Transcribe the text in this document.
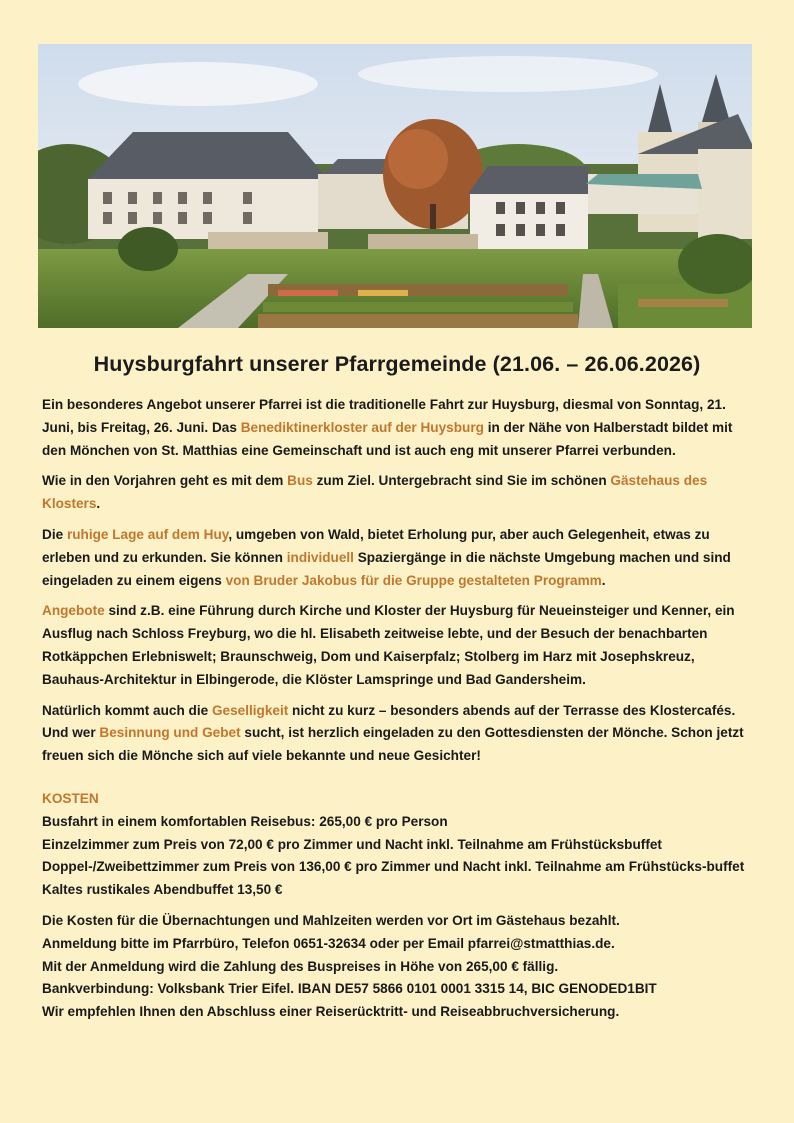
Huysburgfahrt unserer Pfarrgemeinde (21.06. – 26.06.2026)

Ein besonderes Angebot unserer Pfarrei ist die traditionelle Fahrt zur Huysburg, diesmal von Sonntag, 21. Juni, bis Freitag, 26. Juni. Das Benediktinerkloster auf der Huysburg in der Nähe von Halberstadt bildet mit den Mönchen von St. Matthias eine Gemeinschaft und ist auch eng mit unserer Pfarrei verbunden.

Wie in den Vorjahren geht es mit dem Bus zum Ziel. Untergebracht sind Sie im schönen Gästehaus des Klosters.

Die ruhige Lage auf dem Huy, umgeben von Wald, bietet Erholung pur, aber auch Gelegenheit, etwas zu erleben und zu erkunden. Sie können individuell Spaziergänge in die nächste Umgebung machen und sind eingeladen zu einem eigens von Bruder Jakobus für die Gruppe gestalteten Programm.

Angebote sind z.B. eine Führung durch Kirche und Kloster der Huysburg für Neueinsteiger und Kenner, ein Ausflug nach Schloss Freyburg, wo die hl. Elisabeth zeitweise lebte, und der Besuch der benachbarten Rotkäppchen Erlebniswelt; Braunschweig, Dom und Kaiserpfalz; Stolberg im Harz mit Josephskreuz, Bauhaus-Architektur in Elbingerode, die Klöster Lamspringe und Bad Gandersheim.

Natürlich kommt auch die Geselligkeit nicht zu kurz – besonders abends auf der Terrasse des Klostercafés. Und wer Besinnung und Gebet sucht, ist herzlich eingeladen zu den Gottesdiensten der Mönche. Schon jetzt freuen sich die Mönche sich auf viele bekannte und neue Gesichter!

KOSTEN
Busfahrt in einem komfortablen Reisebus: 265,00 € pro Person
Einzelzimmer zum Preis von 72,00 € pro Zimmer und Nacht inkl. Teilnahme am Frühstücksbuffet
Doppel-/Zweibettzimmer zum Preis von 136,00 € pro Zimmer und Nacht inkl. Teilnahme am Frühstücks-buffet
Kaltes rustikales Abendbuffet 13,50 €
Die Kosten für die Übernachtungen und Mahlzeiten werden vor Ort im Gästehaus bezahlt.
Anmeldung bitte im Pfarrbüro, Telefon 0651-32634 oder per Email pfarrei@stmatthias.de.
Mit der Anmeldung wird die Zahlung des Buspreises in Höhe von 265,00 € fällig.
Bankverbindung: Volksbank Trier Eifel. IBAN DE57 5866 0101 0001 3315 14, BIC GENODED1BIT
Wir empfehlen Ihnen den Abschluss einer Reiserücktritt- und Reiseabbruchversicherung.
